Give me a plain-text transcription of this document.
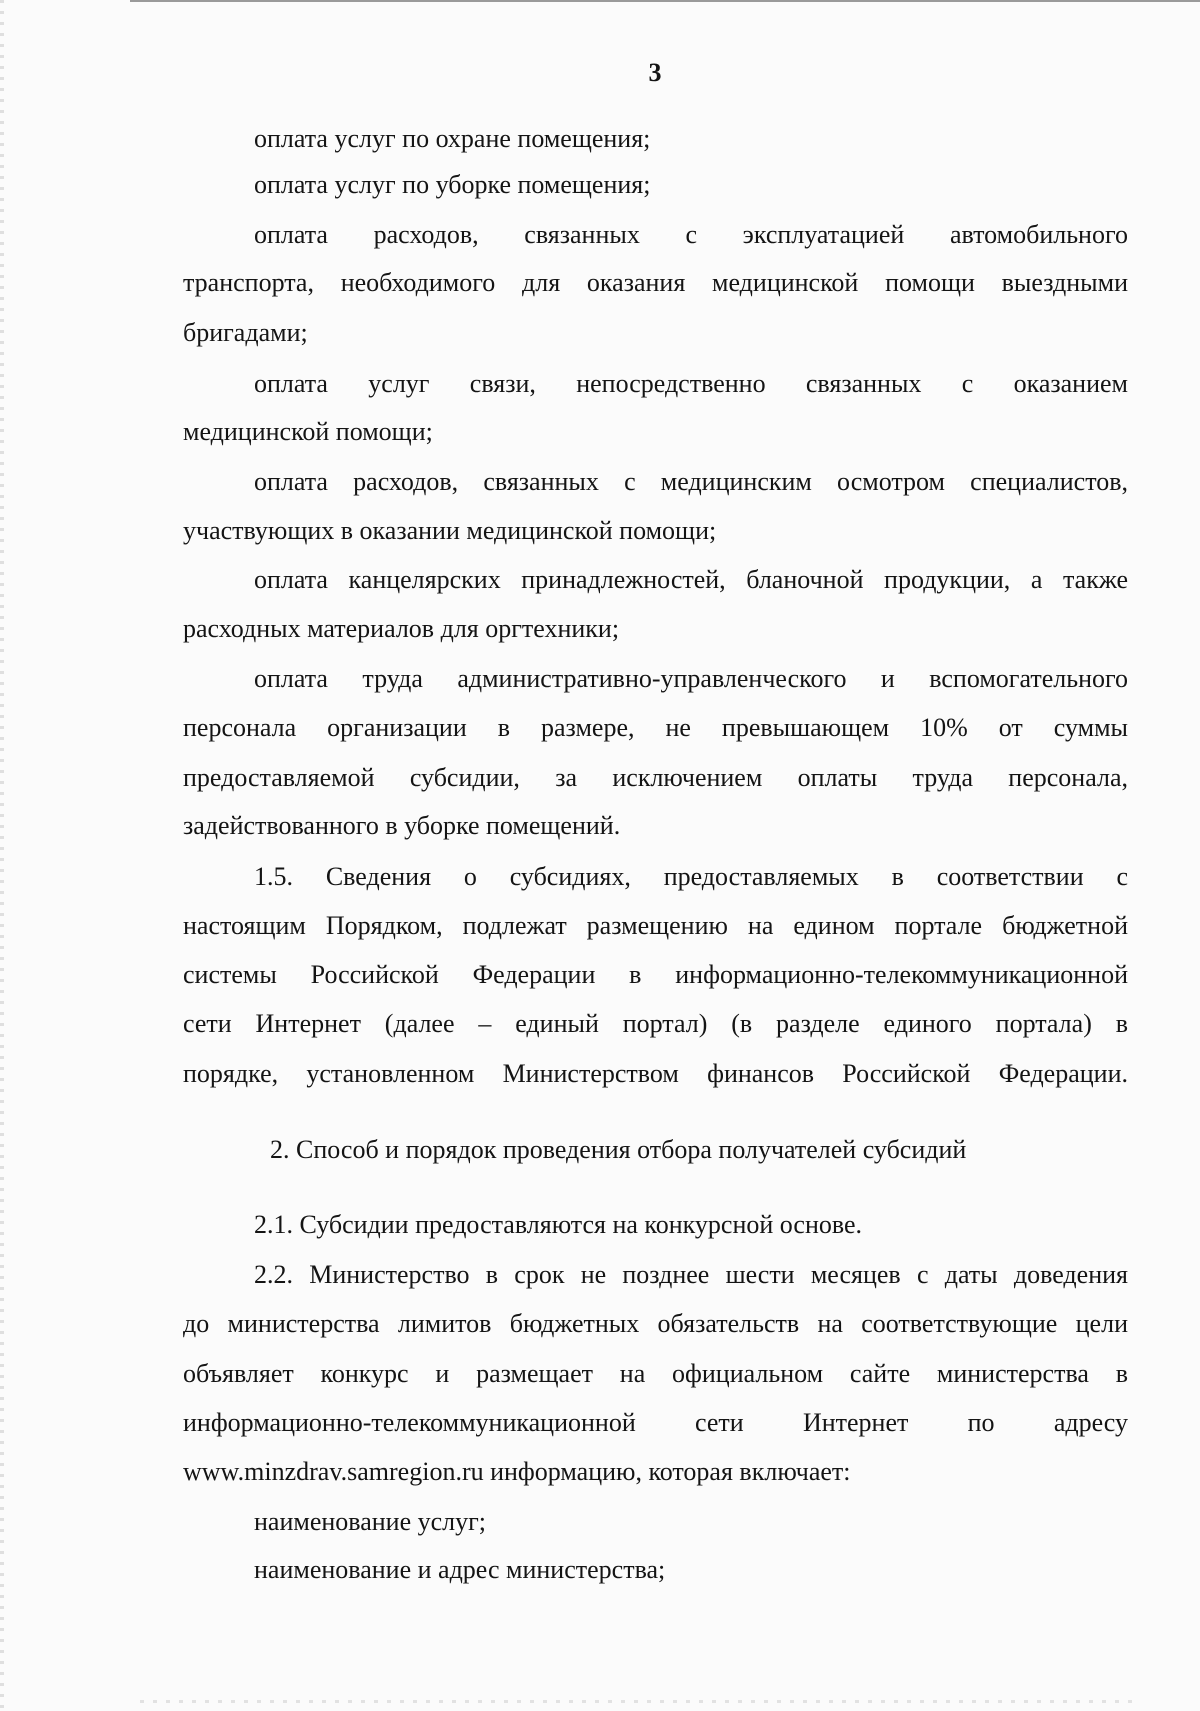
3
оплата услуг по охране помещения;
оплата услуг по уборке помещения;
оплата расходов, связанных с эксплуатацией автомобильного
транспорта, необходимого для оказания медицинской помощи выездными
бригадами;
оплата услуг связи, непосредственно связанных с оказанием
медицинской помощи;
оплата расходов, связанных с медицинским осмотром специалистов,
участвующих в оказании медицинской помощи;
оплата канцелярских принадлежностей, бланочной продукции, а также
расходных материалов для оргтехники;
оплата труда административно-управленческого и вспомогательного
персонала организации в размере, не превышающем 10% от суммы
предоставляемой субсидии, за исключением оплаты труда персонала,
задействованного в уборке помещений.
1.5. Сведения о субсидиях, предоставляемых в соответствии с
настоящим Порядком, подлежат размещению на едином портале бюджетной
системы Российской Федерации в информационно-телекоммуникационной
сети Интернет (далее – единый портал) (в разделе единого портала) в
порядке, установленном Министерством финансов Российской Федерации.
2. Способ и порядок проведения отбора получателей субсидий
2.1. Субсидии предоставляются на конкурсной основе.
2.2. Министерство в срок не позднее шести месяцев с даты доведения
до министерства лимитов бюджетных обязательств на соответствующие цели
объявляет конкурс и размещает на официальном сайте министерства в
информационно-телекоммуникационной сети Интернет по адресу
www.minzdrav.samregion.ru информацию, которая включает:
наименование услуг;
наименование и адрес министерства;
